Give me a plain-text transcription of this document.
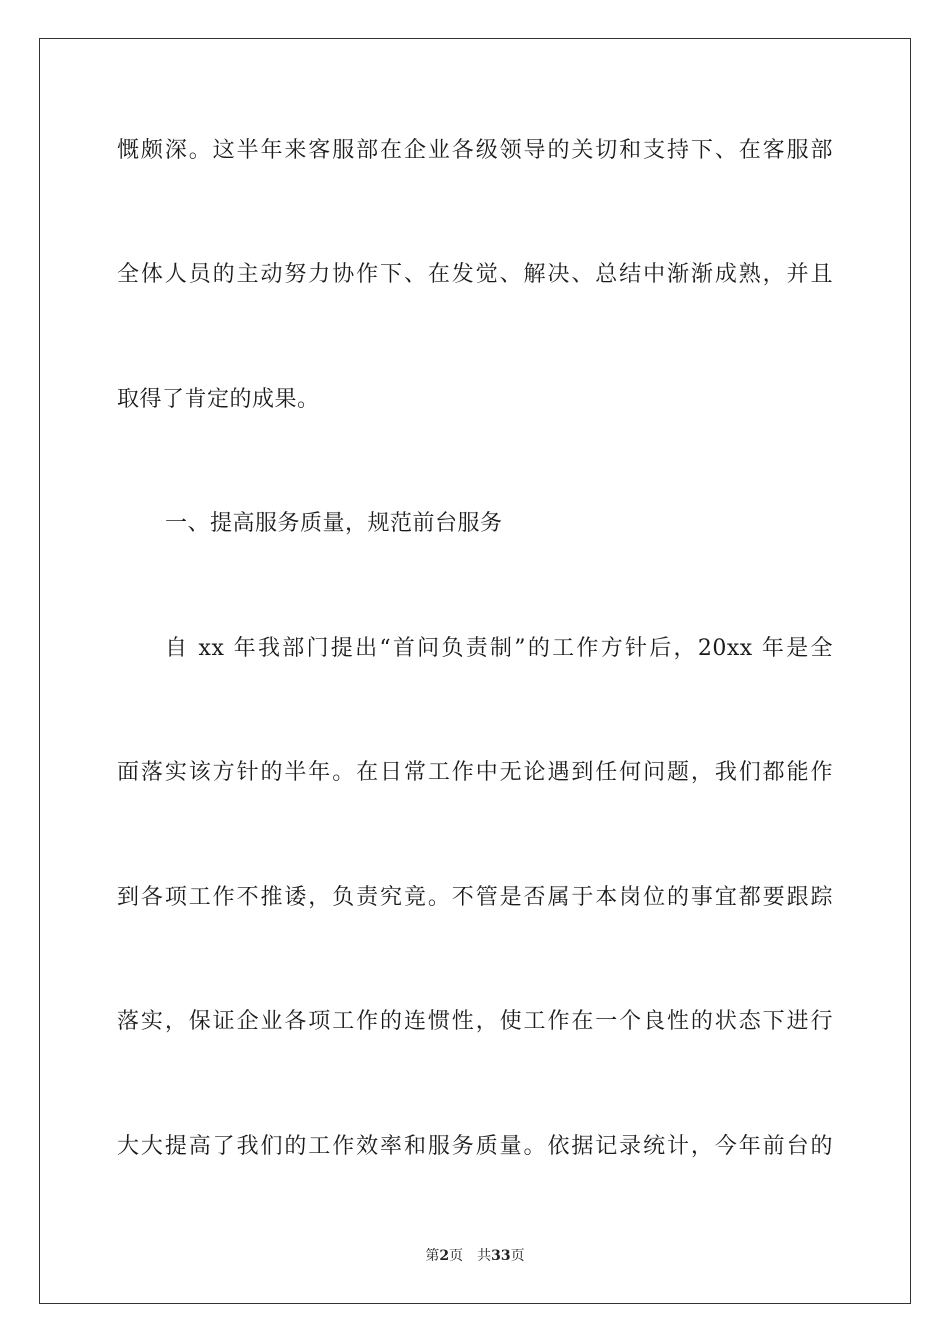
慨颇深。这半年来客服部在企业各级领导的关切和支持下、在客服部
全体人员的主动努力协作下、在发觉、解决、总结中渐渐成熟，并且
取得了肯定的成果。
一、提高服务质量，规范前台服务
自 xx 年我部门提出“首问负责制”的工作方针后，20xx 年是全
面落实该方针的半年。在日常工作中无论遇到任何问题，我们都能作
到各项工作不推诿，负责究竟。不管是否属于本岗位的事宜都要跟踪
落实，保证企业各项工作的连惯性，使工作在一个良性的状态下进行
大大提高了我们的工作效率和服务质量。依据记录统计，今年前台的
第2页 共33页
